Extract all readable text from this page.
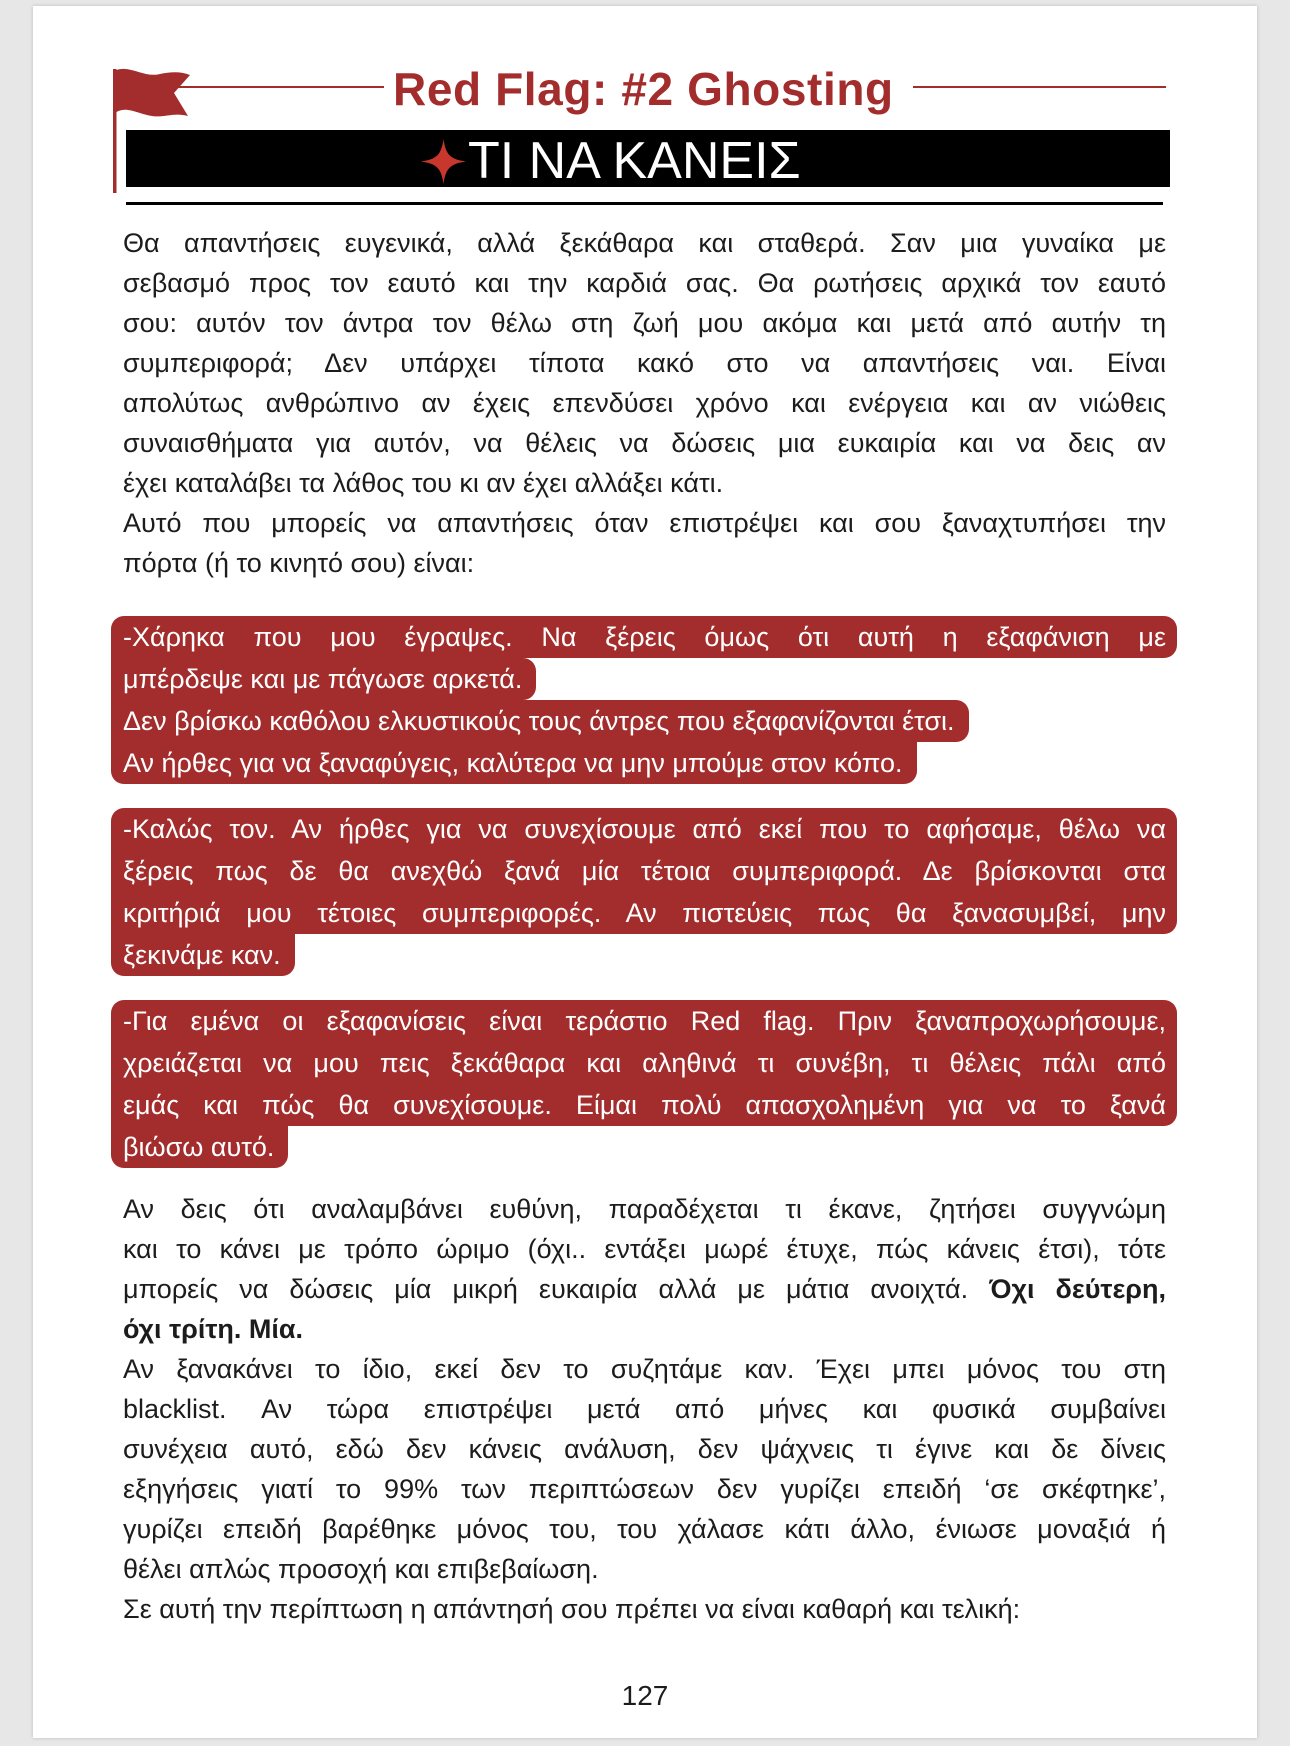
Red Flag: #2 Ghosting
ΤΙ ΝΑ ΚΑΝΕΙΣ
Θα απαντήσεις ευγενικά, αλλά ξεκάθαρα και σταθερά. Σαν μια γυναίκα με
σεβασμό προς τον εαυτό και την καρδιά σας. Θα ρωτήσεις αρχικά τον εαυτό
σου: αυτόν τον άντρα τον θέλω στη ζωή μου ακόμα και μετά από αυτήν τη
συμπεριφορά; Δεν υπάρχει τίποτα κακό στο να απαντήσεις ναι. Είναι
απολύτως ανθρώπινο αν έχεις επενδύσει χρόνο και ενέργεια και αν νιώθεις
συναισθήματα για αυτόν, να θέλεις να δώσεις μια ευκαιρία και να δεις αν
έχει καταλάβει τα λάθος του κι αν έχει αλλάξει κάτι.
Αυτό που μπορείς να απαντήσεις όταν επιστρέψει και σου ξαναχτυπήσει την
πόρτα (ή το κινητό σου) είναι:
-Χάρηκα που μου έγραψες. Να ξέρεις όμως ότι αυτή η εξαφάνιση με
μπέρδεψε και με πάγωσε αρκετά.
Δεν βρίσκω καθόλου ελκυστικούς τους άντρες που εξαφανίζονται έτσι.
Αν ήρθες για να ξαναφύγεις, καλύτερα να μην μπούμε στον κόπο.
-Καλώς τον. Αν ήρθες για να συνεχίσουμε από εκεί που το αφήσαμε, θέλω να
ξέρεις πως δε θα ανεχθώ ξανά μία τέτοια συμπεριφορά. Δε βρίσκονται στα
κριτήριά μου τέτοιες συμπεριφορές. Αν πιστεύεις πως θα ξανασυμβεί, μην
ξεκινάμε καν.
-Για εμένα οι εξαφανίσεις είναι τεράστιο Red flag. Πριν ξαναπροχωρήσουμε,
χρειάζεται να μου πεις ξεκάθαρα και αληθινά τι συνέβη, τι θέλεις πάλι από
εμάς και πώς θα συνεχίσουμε. Είμαι πολύ απασχολημένη για να το ξανά
βιώσω αυτό.
Αν δεις ότι αναλαμβάνει ευθύνη, παραδέχεται τι έκανε, ζητήσει συγγνώμη
και το κάνει με τρόπο ώριμο (όχι.. εντάξει μωρέ έτυχε, πώς κάνεις έτσι), τότε
μπορείς να δώσεις μία μικρή ευκαιρία αλλά με μάτια ανοιχτά. Όχι δεύτερη,
όχι τρίτη. Μία.
Αν ξανακάνει το ίδιο, εκεί δεν το συζητάμε καν. Έχει μπει μόνος του στη
blacklist. Αν τώρα επιστρέψει μετά από μήνες και φυσικά συμβαίνει
συνέχεια αυτό, εδώ δεν κάνεις ανάλυση, δεν ψάχνεις τι έγινε και δε δίνεις
εξηγήσεις γιατί το 99% των περιπτώσεων δεν γυρίζει επειδή ‘σε σκέφτηκε’,
γυρίζει επειδή βαρέθηκε μόνος του, του χάλασε κάτι άλλο, ένιωσε μοναξιά ή
θέλει απλώς προσοχή και επιβεβαίωση.
Σε αυτή την περίπτωση η απάντησή σου πρέπει να είναι καθαρή και τελική:
127
